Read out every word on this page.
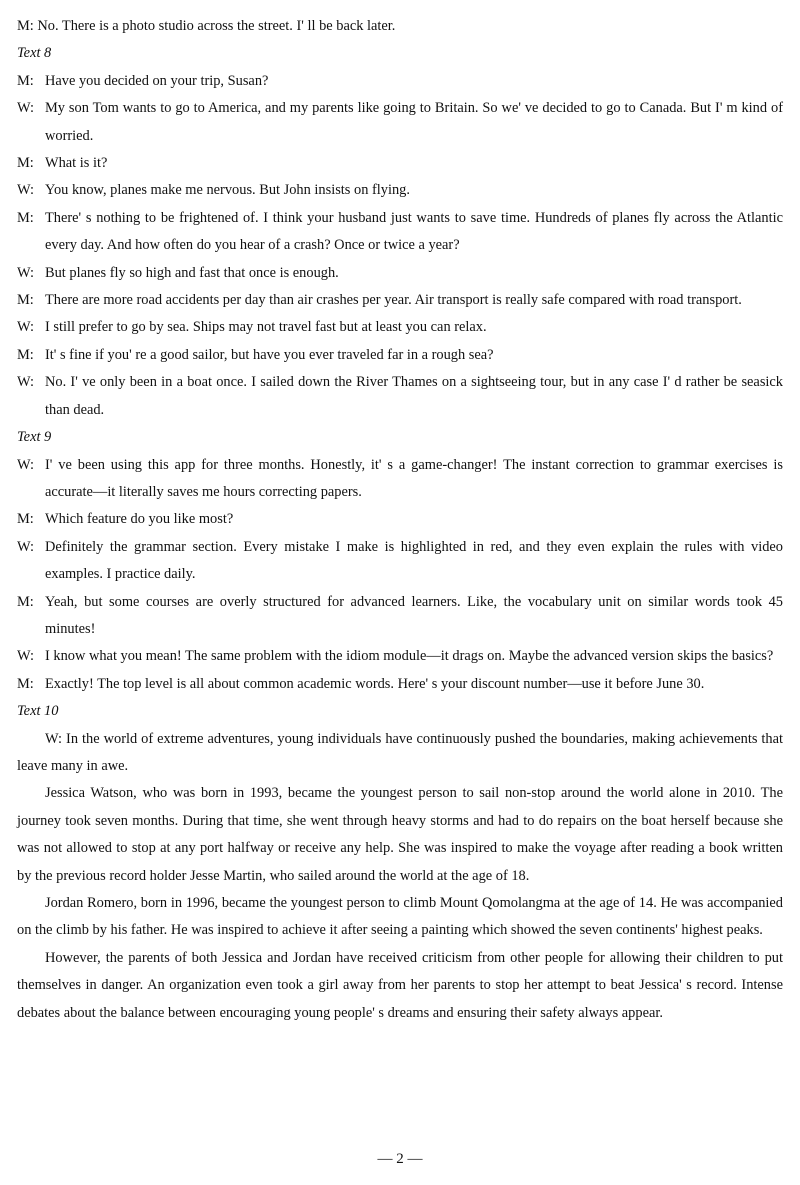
M: No. There is a photo studio across the street. I' ll be back later.

Text 8

M: Have you decided on your trip, Susan?

W: My son Tom wants to go to America, and my parents like going to Britain. So we' ve decided to go to Canada. But I' m kind of worried.

M: What is it?

W: You know, planes make me nervous. But John insists on flying.

M: There' s nothing to be frightened of. I think your husband just wants to save time. Hundreds of planes fly across the Atlantic every day. And how often do you hear of a crash? Once or twice a year?

W: But planes fly so high and fast that once is enough.

M: There are more road accidents per day than air crashes per year. Air transport is really safe compared with road transport.

W: I still prefer to go by sea. Ships may not travel fast but at least you can relax.

M: It' s fine if you' re a good sailor, but have you ever traveled far in a rough sea?

W: No. I' ve only been in a boat once. I sailed down the River Thames on a sightseeing tour, but in any case I' d rather be seasick than dead.

Text 9

W: I' ve been using this app for three months. Honestly, it' s a game-changer! The instant correction to grammar exercises is accurate—it literally saves me hours correcting papers.

M: Which feature do you like most?

W: Definitely the grammar section. Every mistake I make is highlighted in red, and they even explain the rules with video examples. I practice daily.

M: Yeah, but some courses are overly structured for advanced learners. Like, the vocabulary unit on similar words took 45 minutes!

W: I know what you mean! The same problem with the idiom module—it drags on. Maybe the advanced version skips the basics?

M: Exactly! The top level is all about common academic words. Here' s your discount number—use it before June 30.

Text 10

W: In the world of extreme adventures, young individuals have continuously pushed the boundaries, making achievements that leave many in awe.

Jessica Watson, who was born in 1993, became the youngest person to sail non-stop around the world alone in 2010. The journey took seven months. During that time, she went through heavy storms and had to do repairs on the boat herself because she was not allowed to stop at any port halfway or receive any help. She was inspired to make the voyage after reading a book written by the previous record holder Jesse Martin, who sailed around the world at the age of 18.

Jordan Romero, born in 1996, became the youngest person to climb Mount Qomolangma at the age of 14. He was accompanied on the climb by his father. He was inspired to achieve it after seeing a painting which showed the seven continents' highest peaks.

However, the parents of both Jessica and Jordan have received criticism from other people for allowing their children to put themselves in danger. An organization even took a girl away from her parents to stop her attempt to beat Jessica' s record. Intense debates about the balance between encouraging young people' s dreams and ensuring their safety always appear.

— 2 —
